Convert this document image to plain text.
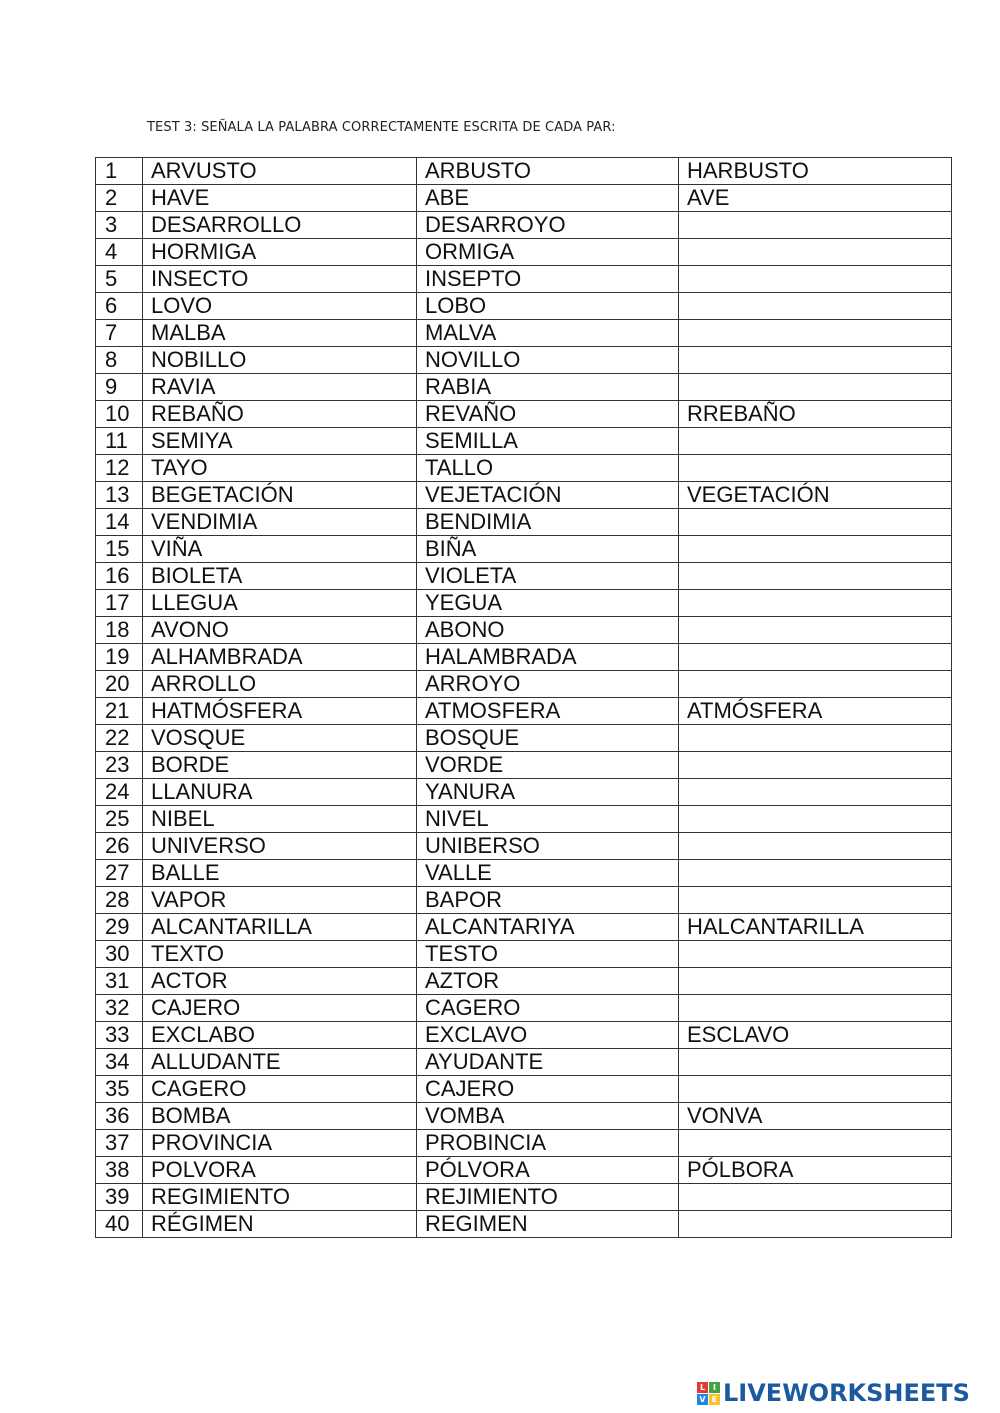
TEST 3: SEÑALA LA PALABRA CORRECTAMENTE ESCRITA DE CADA PAR:
1	ARVUSTO	ARBUSTO	HARBUSTO
2	HAVE	ABE	AVE
3	DESARROLLO	DESARROYO	
4	HORMIGA	ORMIGA	
5	INSECTO	INSEPTO	
6	LOVO	LOBO	
7	MALBA	MALVA	
8	NOBILLO	NOVILLO	
9	RAVIA	RABIA	
10	REBAÑO	REVAÑO	RREBAÑO
11	SEMIYA	SEMILLA	
12	TAYO	TALLO	
13	BEGETACIÓN	VEJETACIÓN	VEGETACIÓN
14	VENDIMIA	BENDIMIA	
15	VIÑA	BIÑA	
16	BIOLETA	VIOLETA	
17	LLEGUA	YEGUA	
18	AVONO	ABONO	
19	ALHAMBRADA	HALAMBRADA	
20	ARROLLO	ARROYO	
21	HATMÓSFERA	ATMOSFERA	ATMÓSFERA
22	VOSQUE	BOSQUE	
23	BORDE	VORDE	
24	LLANURA	YANURA	
25	NIBEL	NIVEL	
26	UNIVERSO	UNIBERSO	
27	BALLE	VALLE	
28	VAPOR	BAPOR	
29	ALCANTARILLA	ALCANTARIYA	HALCANTARILLA
30	TEXTO	TESTO	
31	ACTOR	AZTOR	
32	CAJERO	CAGERO	
33	EXCLABO	EXCLAVO	ESCLAVO
34	ALLUDANTE	AYUDANTE	
35	CAGERO	CAJERO	
36	BOMBA	VOMBA	VONVA
37	PROVINCIA	PROBINCIA	
38	POLVORA	PÓLVORA	PÓLBORA
39	REGIMIENTO	REJIMIENTO	
40	RÉGIMEN	REGIMEN	
L I
V E LIVEWORKSHEETS
